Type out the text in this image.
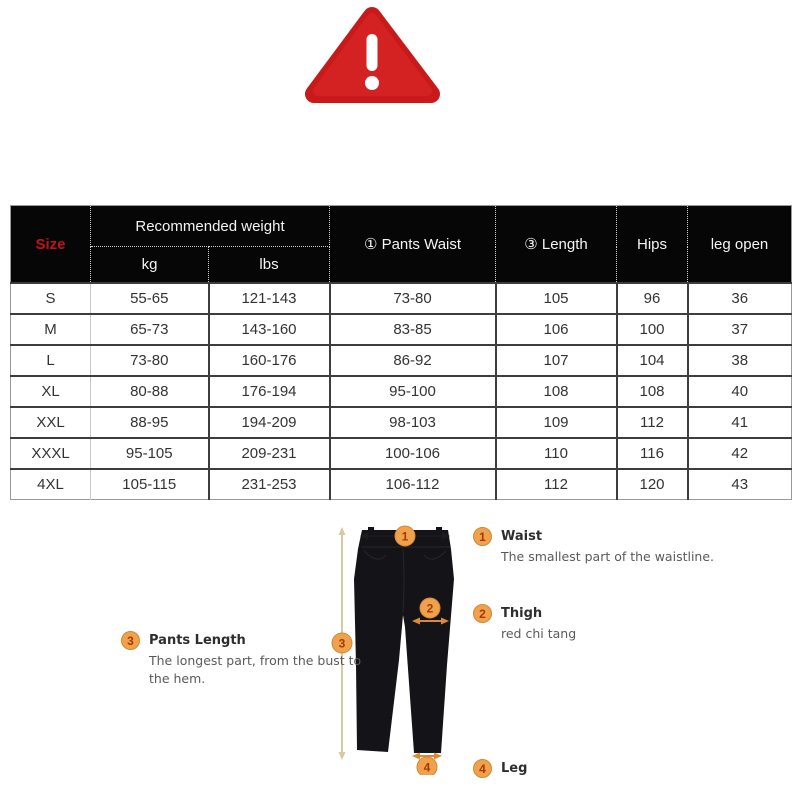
Size	Recommended weight		① Pants Waist	③ Length	Hips	leg open
	kg	lbs				
S	55-65	121-143	73-80	105	96	36
M	65-73	143-160	83-85	106	100	37
L	73-80	160-176	86-92	107	104	38
XL	80-88	176-194	95-100	108	108	40
XXL	88-95	194-209	98-103	109	112	41
XXXL	95-105	209-231	100-106	110	116	42
4XL	105-115	231-253	106-112	112	120	43
3
1
2
4
1	Waist
The smallest part of the waistline.
2	Thigh
red chi tang
3	Pants Length
The longest part, from the bust to the hem.
4	Leg
